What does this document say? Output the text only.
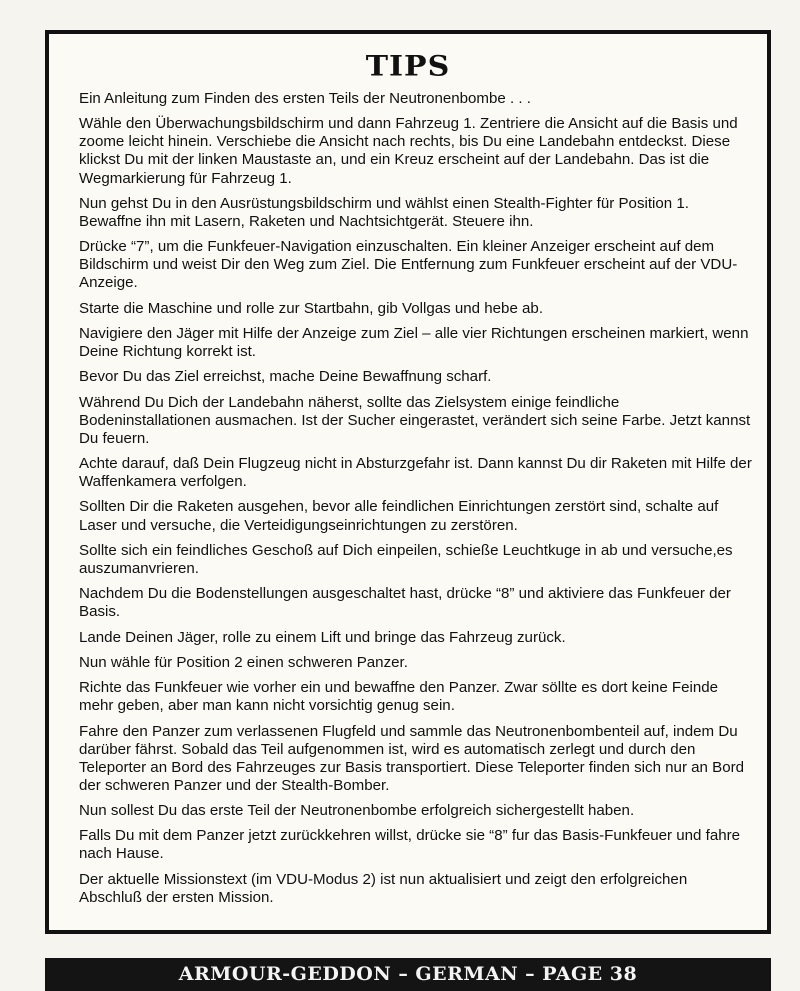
TIPS

Ein Anleitung zum Finden des ersten Teils der Neutronenbombe . . .

Wähle den Überwachungsbildschirm und dann Fahrzeug 1. Zentriere die Ansicht auf die Basis und zoome leicht hinein. Verschiebe die Ansicht nach rechts, bis Du eine Landebahn entdeckst. Diese klickst Du mit der linken Maustaste an, und ein Kreuz erscheint auf der Landebahn. Das ist die Wegmarkierung für Fahrzeug 1.

Nun gehst Du in den Ausrüstungsbildschirm und wählst einen Stealth-Fighter für Position 1. Bewaffne ihn mit Lasern, Raketen und Nachtsichtgerät. Steuere ihn.

Drücke “7”, um die Funkfeuer-Navigation einzuschalten. Ein kleiner Anzeiger erscheint auf dem Bildschirm und weist Dir den Weg zum Ziel. Die Entfernung zum Funkfeuer erscheint auf der VDU-Anzeige.

Starte die Maschine und rolle zur Startbahn, gib Vollgas und hebe ab.

Navigiere den Jäger mit Hilfe der Anzeige zum Ziel – alle vier Richtungen erscheinen markiert, wenn Deine Richtung korrekt ist.

Bevor Du das Ziel erreichst, mache Deine Bewaffnung scharf.

Während Du Dich der Landebahn näherst, sollte das Zielsystem einige feindliche Bodeninstallationen ausmachen. Ist der Sucher eingerastet, verändert sich seine Farbe. Jetzt kannst Du feuern.

Achte darauf, daß Dein Flugzeug nicht in Absturzgefahr ist. Dann kannst Du dir Raketen mit Hilfe der Waffenkamera verfolgen.

Sollten Dir die Raketen ausgehen, bevor alle feindlichen Einrichtungen zerstört sind, schalte auf Laser und versuche, die Verteidigungseinrichtungen zu zerstören.

Sollte sich ein feindliches Geschoß auf Dich einpeilen, schieße Leuchtkuge in ab und versuche,es auszumanvrieren.

Nachdem Du die Bodenstellungen ausgeschaltet hast, drücke “8” und aktiviere das Funkfeuer der Basis.

Lande Deinen Jäger, rolle zu einem Lift und bringe das Fahrzeug zurück.

Nun wähle für Position 2 einen schweren Panzer.

Richte das Funkfeuer wie vorher ein und bewaffne den Panzer. Zwar söllte es dort keine Feinde mehr geben, aber man kann nicht vorsichtig genug sein.

Fahre den Panzer zum verlassenen Flugfeld und sammle das Neutronenbombenteil auf, indem Du darüber fährst. Sobald das Teil aufgenommen ist, wird es automatisch zerlegt und durch den Teleporter an Bord des Fahrzeuges zur Basis transportiert. Diese Teleporter finden sich nur an Bord der schweren Panzer und der Stealth-Bomber.

Nun sollest Du das erste Teil der Neutronenbombe erfolgreich sichergestellt haben.

Falls Du mit dem Panzer jetzt zurückkehren willst, drücke sie “8” fur das Basis-Funkfeuer und fahre nach Hause.

Der aktuelle Missionstext (im VDU-Modus 2) ist nun aktualisiert und zeigt den erfolgreichen Abschluß der ersten Mission.

ARMOUR-GEDDON – GERMAN – PAGE 38
